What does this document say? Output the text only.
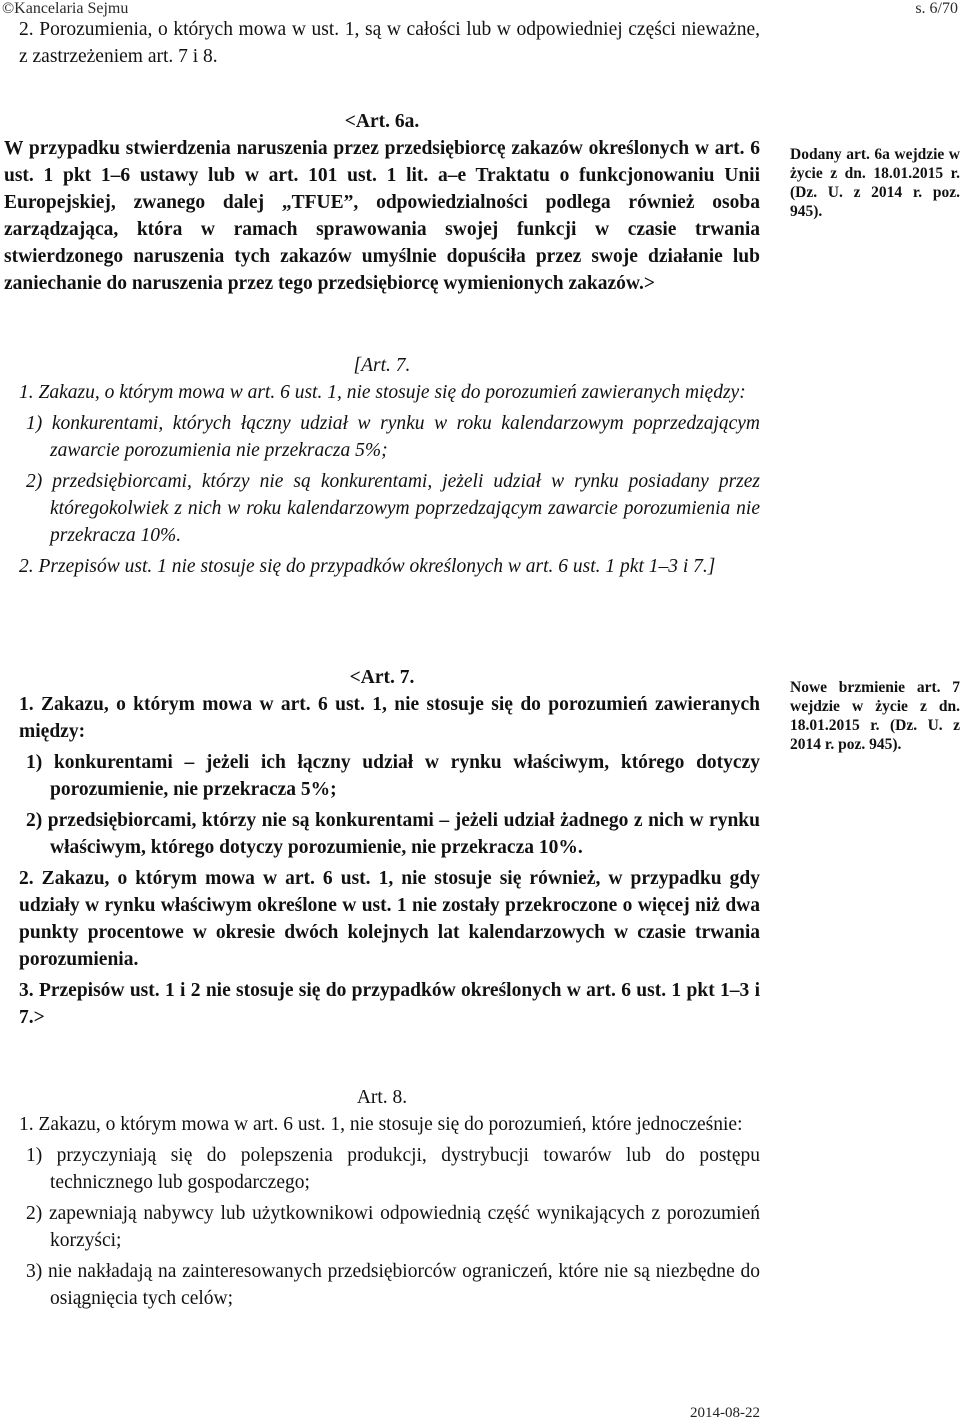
©Kancelaria Sejmu	s. 6/70

2. Porozumienia, o których mowa w ust. 1, są w całości lub w odpowiedniej części nieważne, z zastrzeżeniem art. 7 i 8.

<Art. 6a.

W przypadku stwierdzenia naruszenia przez przedsiębiorcę zakazów określonych w art. 6 ust. 1 pkt 1–6 ustawy lub w art. 101 ust. 1 lit. a–e Traktatu o funkcjonowaniu Unii Europejskiej, zwanego dalej „TFUE”, odpowiedzialności podlega również osoba zarządzająca, która w ramach sprawowania swojej funkcji w czasie trwania stwierdzonego naruszenia tych zakazów umyślnie dopuściła przez swoje działanie lub zaniechanie do naruszenia przez tego przedsiębiorcę wymienionych zakazów.>

Dodany art. 6a wejdzie w życie z dn. 18.01.2015 r. (Dz. U. z 2014 r. poz. 945).

[Art. 7.

1. Zakazu, o którym mowa w art. 6 ust. 1, nie stosuje się do porozumień zawieranych między:

1) konkurentami, których łączny udział w rynku w roku kalendarzowym poprzedzającym zawarcie porozumienia nie przekracza 5%;

2) przedsiębiorcami, którzy nie są konkurentami, jeżeli udział w rynku posiadany przez któregokolwiek z nich w roku kalendarzowym poprzedzającym zawarcie porozumienia nie przekracza 10%.

2. Przepisów ust. 1 nie stosuje się do przypadków określonych w art. 6 ust. 1 pkt 1–3 i 7.]

<Art. 7.

1. Zakazu, o którym mowa w art. 6 ust. 1, nie stosuje się do porozumień zawieranych między:

1) konkurentami – jeżeli ich łączny udział w rynku właściwym, którego dotyczy porozumienie, nie przekracza 5%;

2) przedsiębiorcami, którzy nie są konkurentami – jeżeli udział żadnego z nich w rynku właściwym, którego dotyczy porozumienie, nie przekracza 10%.

2. Zakazu, o którym mowa w art. 6 ust. 1, nie stosuje się również, w przypadku gdy udziały w rynku właściwym określone w ust. 1 nie zostały przekroczone o więcej niż dwa punkty procentowe w okresie dwóch kolejnych lat kalendarzowych w czasie trwania porozumienia.

3. Przepisów ust. 1 i 2 nie stosuje się do przypadków określonych w art. 6 ust. 1 pkt 1–3 i 7.>

Nowe brzmienie art. 7 wejdzie w życie z dn. 18.01.2015 r. (Dz. U. z 2014 r. poz. 945).

Art. 8.

1. Zakazu, o którym mowa w art. 6 ust. 1, nie stosuje się do porozumień, które jednocześnie:

1) przyczyniają się do polepszenia produkcji, dystrybucji towarów lub do postępu technicznego lub gospodarczego;

2) zapewniają nabywcy lub użytkownikowi odpowiednią część wynikających z porozumień korzyści;

3) nie nakładają na zainteresowanych przedsiębiorców ograniczeń, które nie są niezbędne do osiągnięcia tych celów;

2014-08-22
